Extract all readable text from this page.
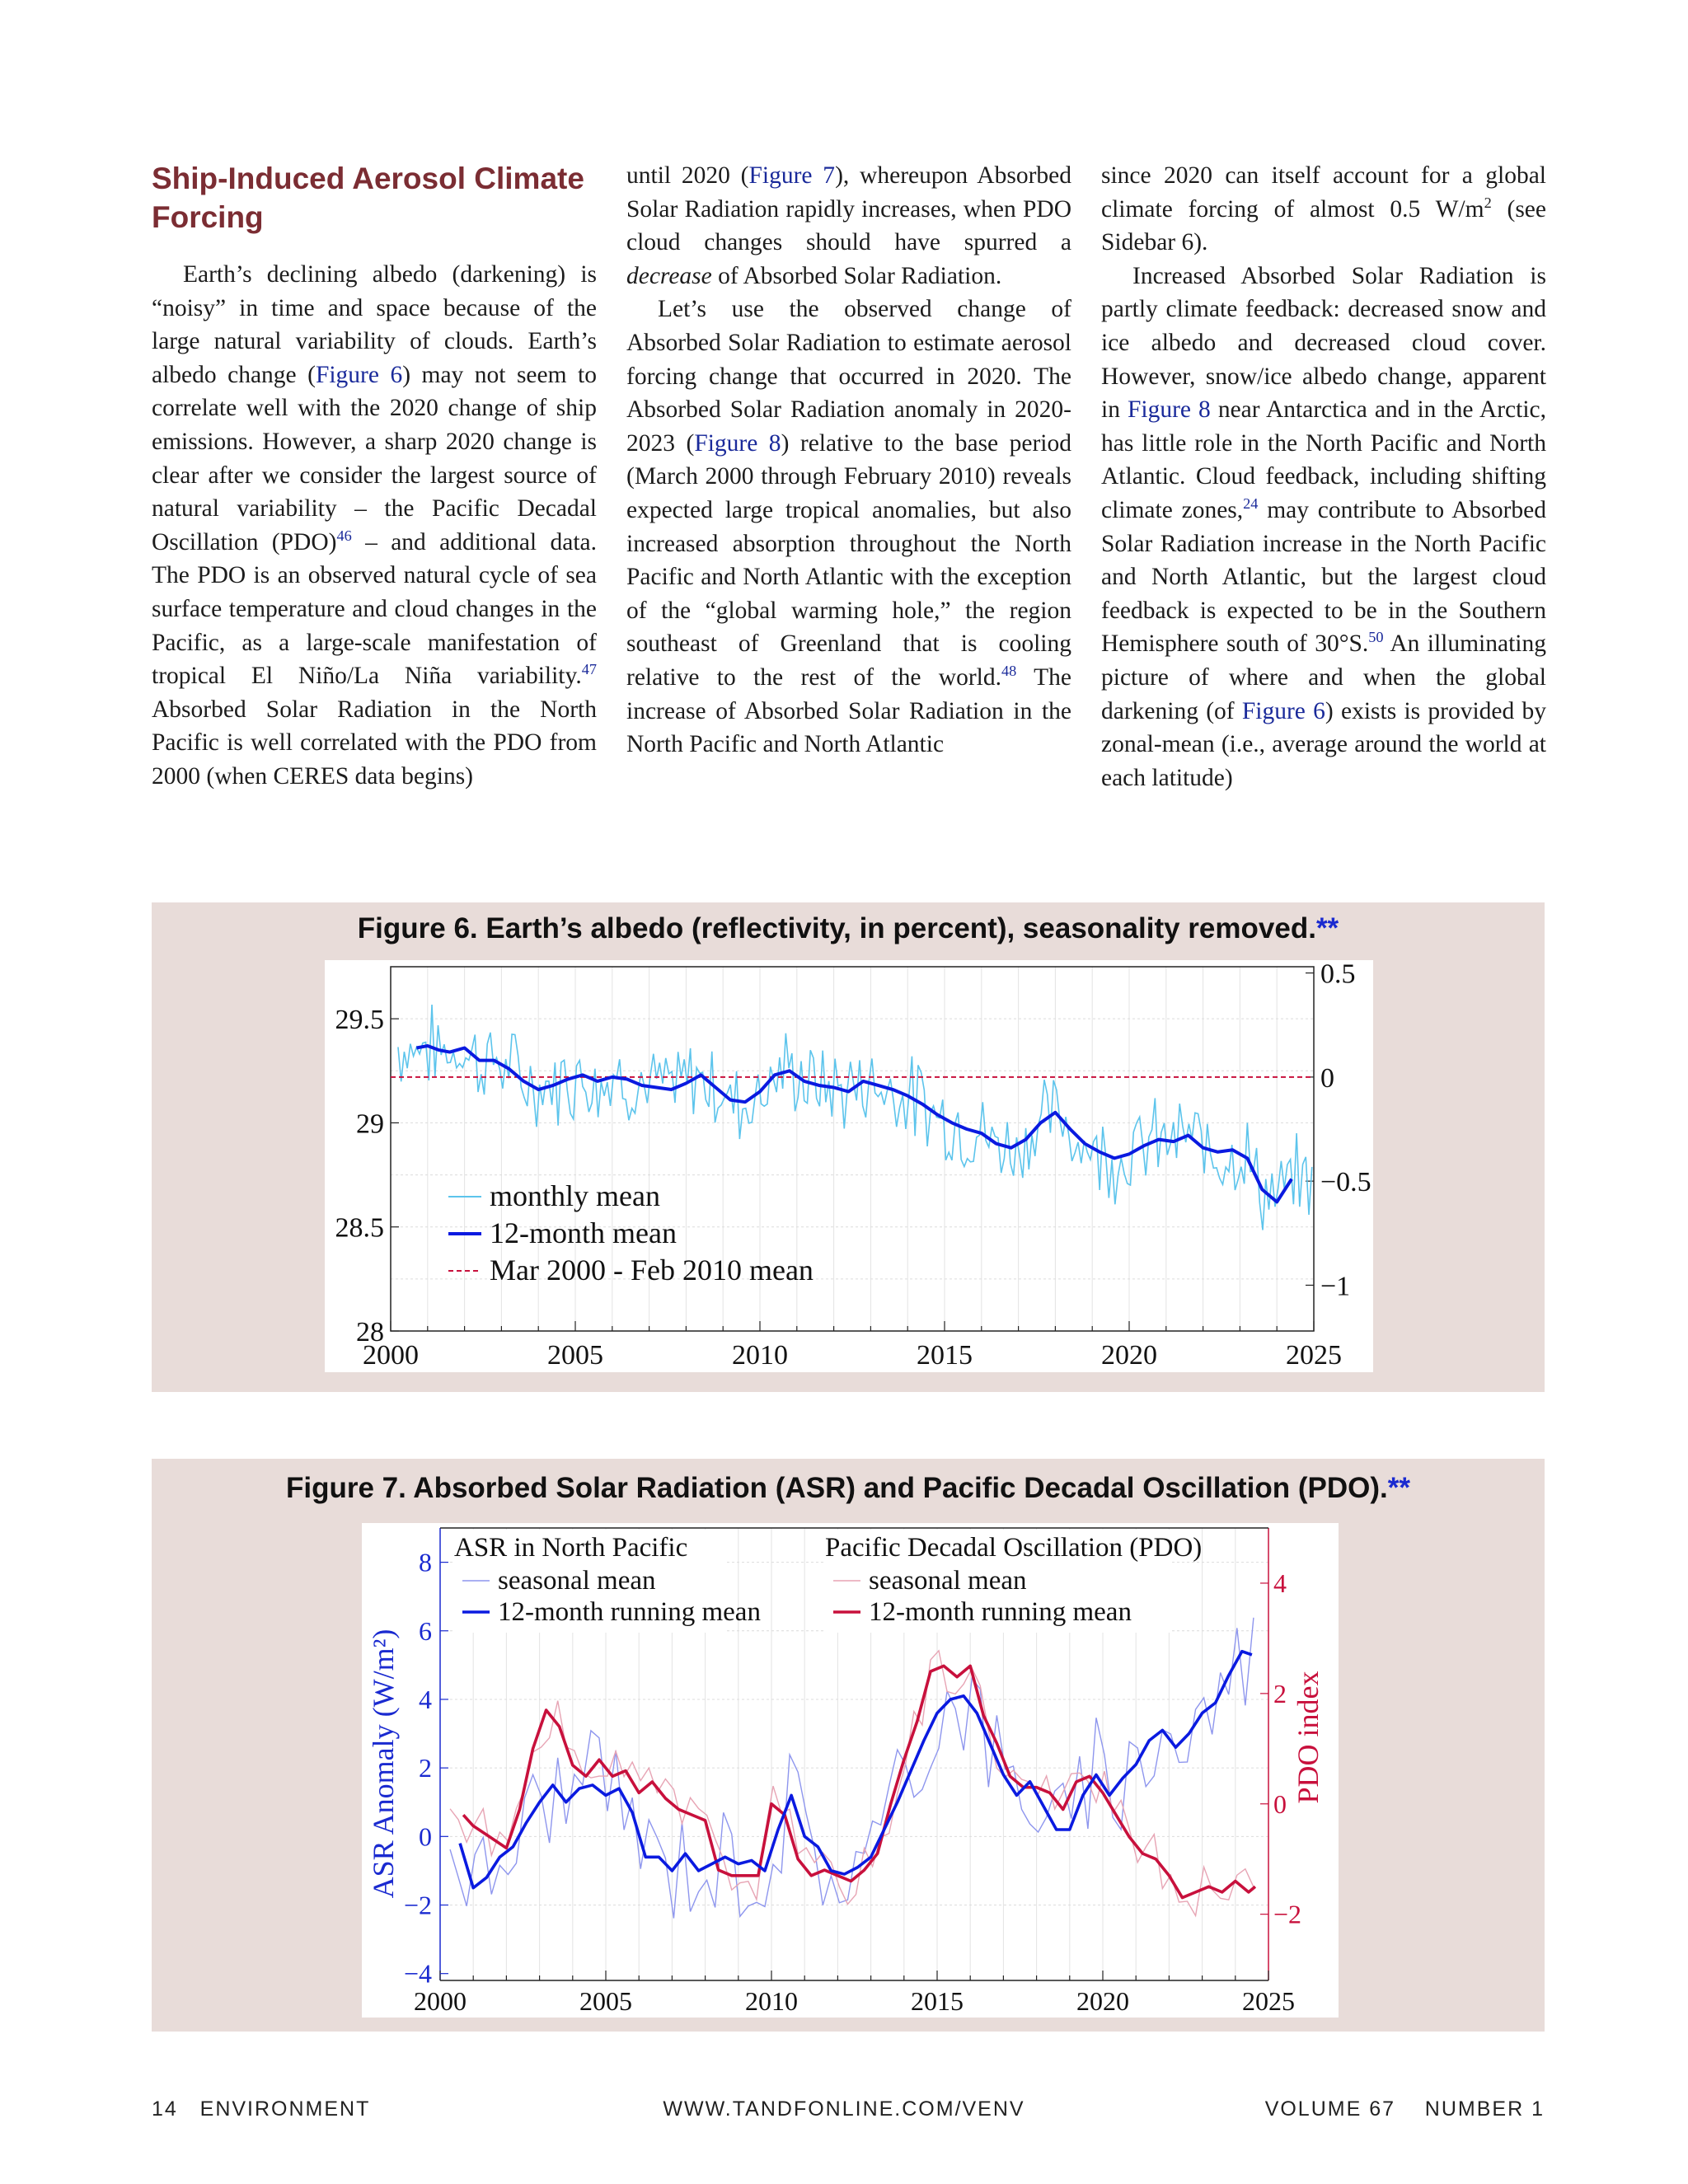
Ship-Induced Aerosol Climate Forcing

Earth’s declining albedo (darkening) is “noisy” in time and space because of the large natural variability of clouds. Earth’s albedo change (Figure 6) may not seem to correlate well with the 2020 change of ship emissions. However, a sharp 2020 change is clear after we consider the largest source of natural variability – the Pacific Decadal Oscillation (PDO)$^{46}$ – and additional data. The PDO is an observed natural cycle of sea surface temperature and cloud changes in the Pacific, as a large-scale manifestation of tropical El Niño/La Niña variability.$^{47}$ Absorbed Solar Radiation in the North Pacific is well correlated with the PDO from 2000 (when CERES data begins)

until 2020 (Figure 7), whereupon Absorbed Solar Radiation rapidly increases, when PDO cloud changes should have spurred a decrease of Absorbed Solar Radiation.

Let’s use the observed change of Absorbed Solar Radiation to estimate aerosol forcing change that occurred in 2020. The Absorbed Solar Radiation anomaly in 2020-2023 (Figure 8) relative to the base period (March 2000 through February 2010) reveals expected large tropical anomalies, but also increased absorption throughout the North Pacific and North Atlantic with the exception of the “global warming hole,” the region southeast of Greenland that is cooling relative to the rest of the world.$^{48}$ The increase of Absorbed Solar Radiation in the North Pacific and North Atlantic

since 2020 can itself account for a global climate forcing of almost 0.5 $W/m^2$ (see Sidebar 6).

Increased Absorbed Solar Radiation is partly climate feedback: decreased snow and ice albedo and decreased cloud cover. However, snow/ice albedo change, apparent in Figure 8 near Antarctica and in the Arctic, has little role in the North Pacific and North Atlantic. Cloud feedback, including shifting climate zones,$^{24}$ may contribute to Absorbed Solar Radiation increase in the North Pacific and North Atlantic, but the largest cloud feedback is expected to be in the Southern Hemisphere south of 30°S.$^{50}$ An illuminating picture of where and when the global darkening (of Figure 6) exists is provided by zonal-mean (i.e., average around the world at each latitude)

Figure 6. Earth’s albedo (reflectivity, in percent), seasonality removed.**
28
28.5
29
29.5
0.5
0
−0.5
−1
2000	2005	2010	2015	2020	2025
monthly mean
12-month mean
Mar 2000 - Feb 2010 mean
Figure 7. Absorbed Solar Radiation (ASR) and Pacific Decadal Oscillation (PDO).**
−4
−2
0
2
4
6
8
−2
0
2
4
2000	2005	2010	2015	2020	2025
ASR Anomaly (W/m²)	PDO index
ASR in North Pacific
seasonal mean
12-month running mean
Pacific Decadal Oscillation (PDO)
seasonal mean
12-month running mean
14   ENVIRONMENT	WWW.TANDFONLINE.COM/VENV	VOLUME 67    NUMBER 1
